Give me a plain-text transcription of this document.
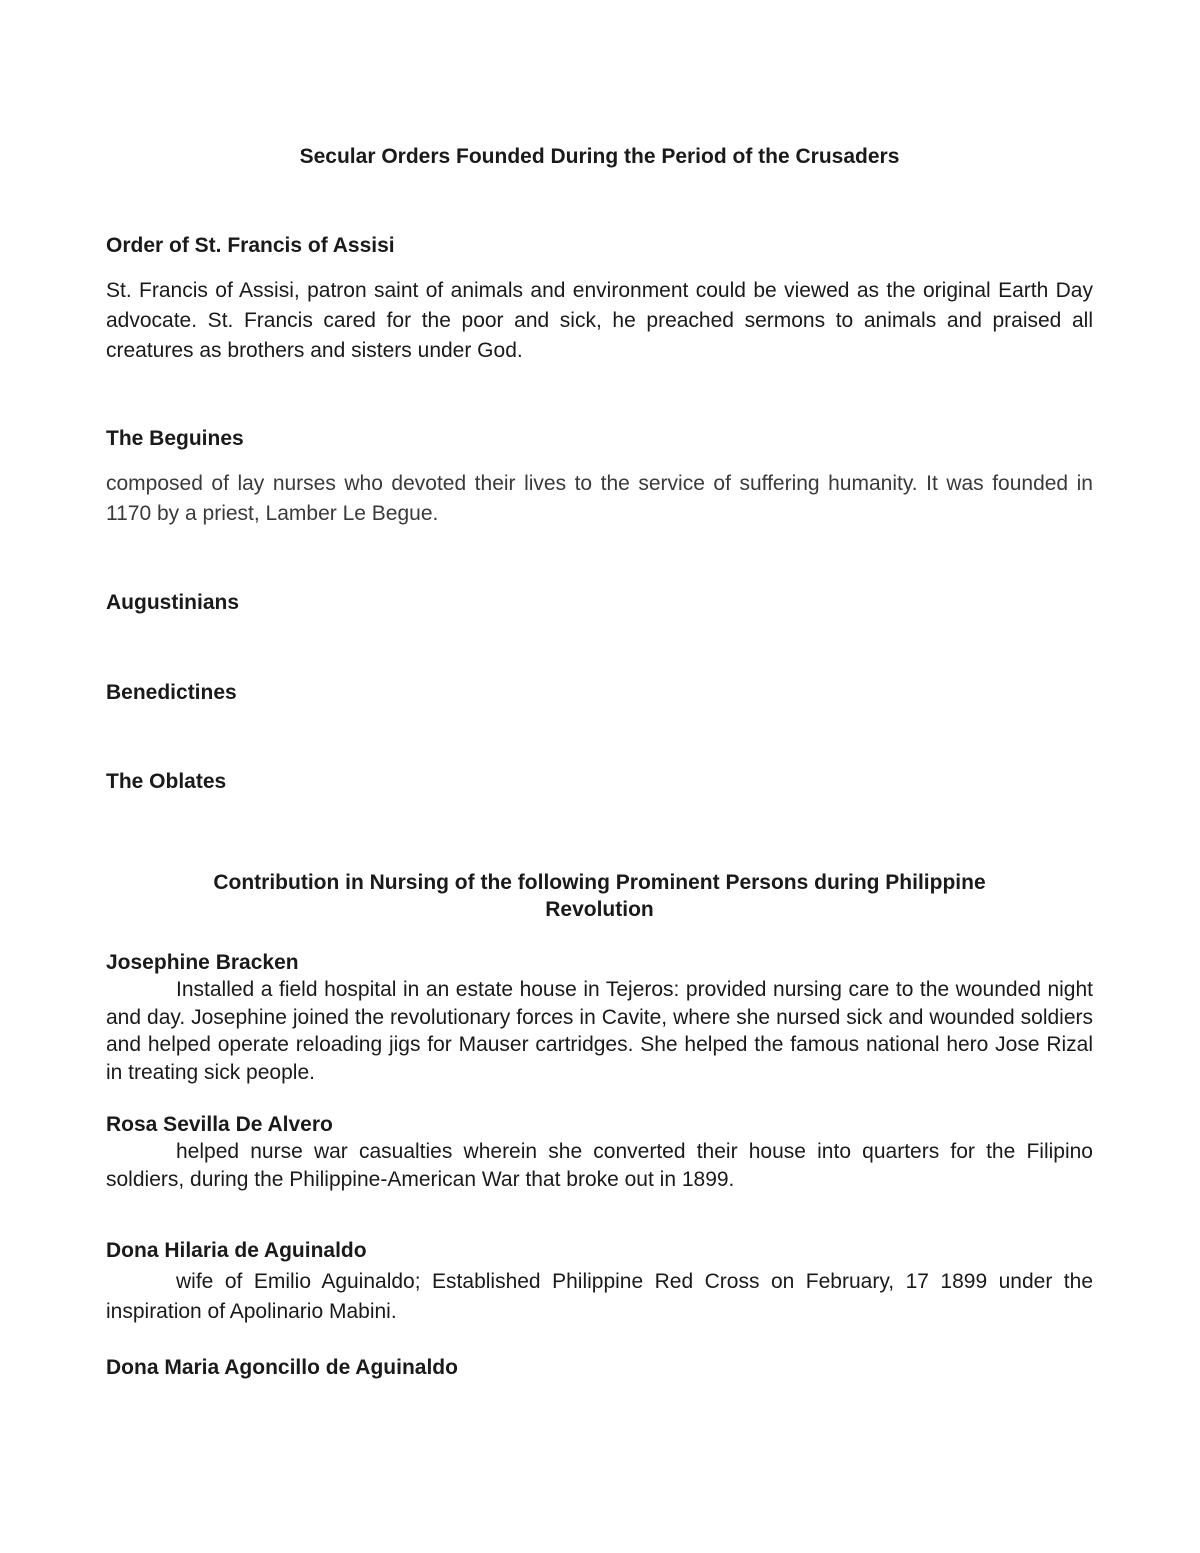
Secular Orders Founded During the Period of the Crusaders

Order of St. Francis of Assisi

St. Francis of Assisi, patron saint of animals and environment could be viewed as the original Earth Day advocate. St. Francis cared for the poor and sick, he preached sermons to animals and praised all creatures as brothers and sisters under God.

The Beguines

composed of lay nurses who devoted their lives to the service of suffering humanity. It was founded in 1170 by a priest, Lamber Le Begue.

Augustinians

Benedictines

The Oblates

Contribution in Nursing of the following Prominent Persons during Philippine
Revolution

Josephine Bracken

Installed a field hospital in an estate house in Tejeros: provided nursing care to the wounded night and day. Josephine joined the revolutionary forces in Cavite, where she nursed sick and wounded soldiers and helped operate reloading jigs for Mauser cartridges. She helped the famous national hero Jose Rizal in treating sick people.

Rosa Sevilla De Alvero

helped nurse war casualties wherein she converted their house into quarters for the Filipino soldiers, during the Philippine-American War that broke out in 1899.

Dona Hilaria de Aguinaldo

wife of Emilio Aguinaldo; Established Philippine Red Cross on February, 17 1899 under the inspiration of Apolinario Mabini.

Dona Maria Agoncillo de Aguinaldo
